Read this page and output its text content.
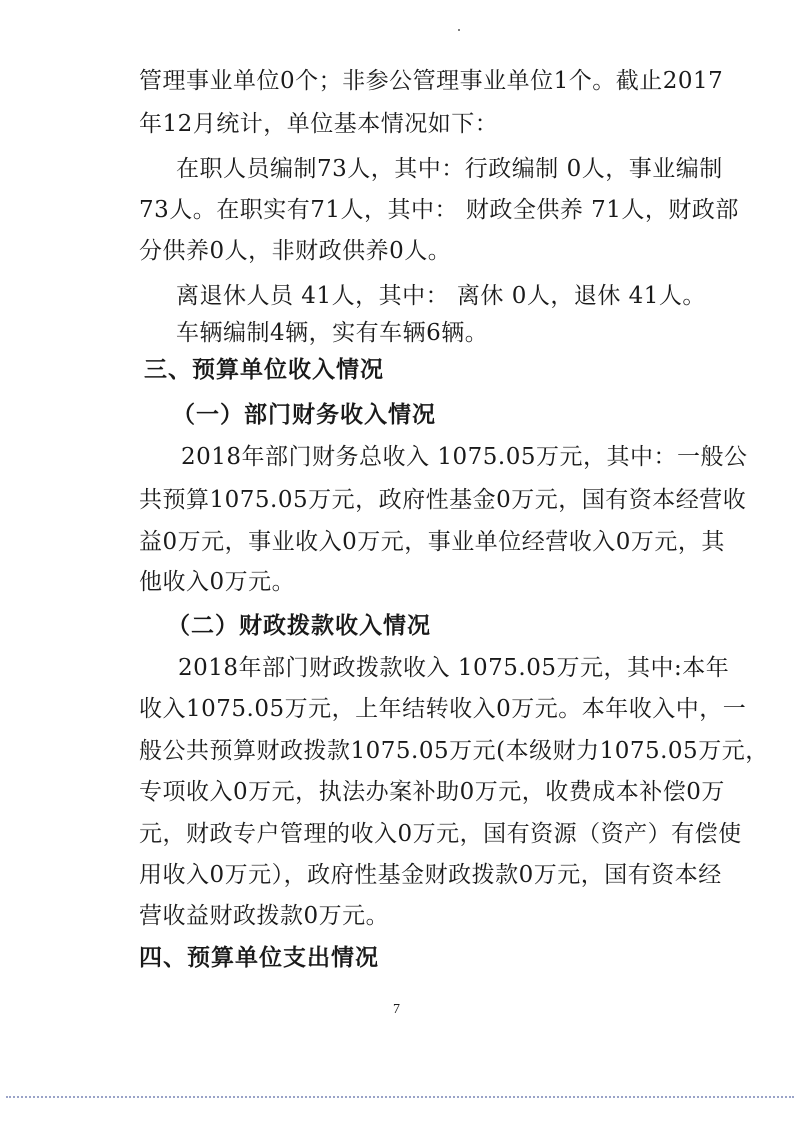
管理事业单位0个；非参公管理事业单位1个。截止2017
年12月统计，单位基本情况如下：
在职人员编制73人，其中：行政编制 0人，事业编制
73人。在职实有71人，其中： 财政全供养 71人，财政部
分供养0人，非财政供养0人。
离退休人员 41人，其中： 离休 0人，退休 41人。
车辆编制4辆，实有车辆6辆。
三、预算单位收入情况
（一）部门财务收入情况
2018年部门财务总收入 1075.05万元，其中：一般公
共预算1075.05万元，政府性基金0万元，国有资本经营收
益0万元，事业收入0万元，事业单位经营收入0万元，其
他收入0万元。
（二）财政拨款收入情况
2018年部门财政拨款收入 1075.05万元，其中:本年
收入1075.05万元，上年结转收入0万元。本年收入中，一
般公共预算财政拨款1075.05万元(本级财力1075.05万元，
专项收入0万元，执法办案补助0万元，收费成本补偿0万
元，财政专户管理的收入0万元，国有资源（资产）有偿使
用收入0万元），政府性基金财政拨款0万元，国有资本经
营收益财政拨款0万元。
四、预算单位支出情况
7
